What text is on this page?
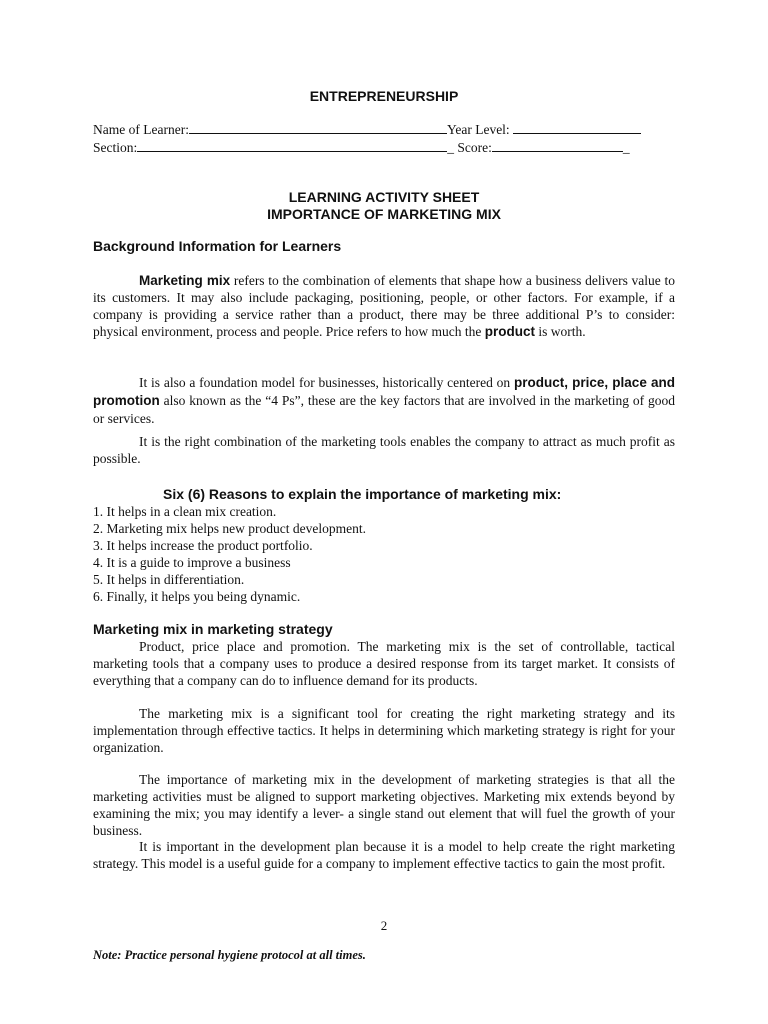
ENTREPRENEURSHIP
Name of Learner:	Year Level:
Section:	_ Score:	_
LEARNING ACTIVITY SHEET
IMPORTANCE OF MARKETING MIX
Background Information for Learners
Marketing mix refers to the combination of elements that shape how a business delivers value to its customers. It may also include packaging, positioning, people, or other factors. For example, if a company is providing a service rather than a product, there may be three additional P’s to consider: physical environment, process and people. Price refers to how much the product is worth.
It is also a foundation model for businesses, historically centered on product, price, place and promotion also known as the “4 Ps”, these are the key factors that are involved in the marketing of good or services.
It is the right combination of the marketing tools enables the company to attract as much profit as possible.
Six (6) Reasons to explain the importance of marketing mix:
1. It helps in a clean mix creation.
2. Marketing mix helps new product development.
3. It helps increase the product portfolio.
4. It is a guide to improve a business
5. It helps in differentiation.
6. Finally, it helps you being dynamic.
Marketing mix in marketing strategy
Product, price place and promotion. The marketing mix is the set of controllable, tactical marketing tools that a company uses to produce a desired response from its target market. It consists of everything that a company can do to influence demand for its products.
The marketing mix is a significant tool for creating the right marketing strategy and its implementation through effective tactics. It helps in determining which marketing strategy is right for your organization.
The importance of marketing mix in the development of marketing strategies is that all the marketing activities must be aligned to support marketing objectives. Marketing mix extends beyond by examining the mix; you may identify a lever- a single stand out element that will fuel the growth of your business.
It is important in the development plan because it is a model to help create the right marketing strategy. This model is a useful guide for a company to implement effective tactics to gain the most profit.
2
Note: Practice personal hygiene protocol at all times.
